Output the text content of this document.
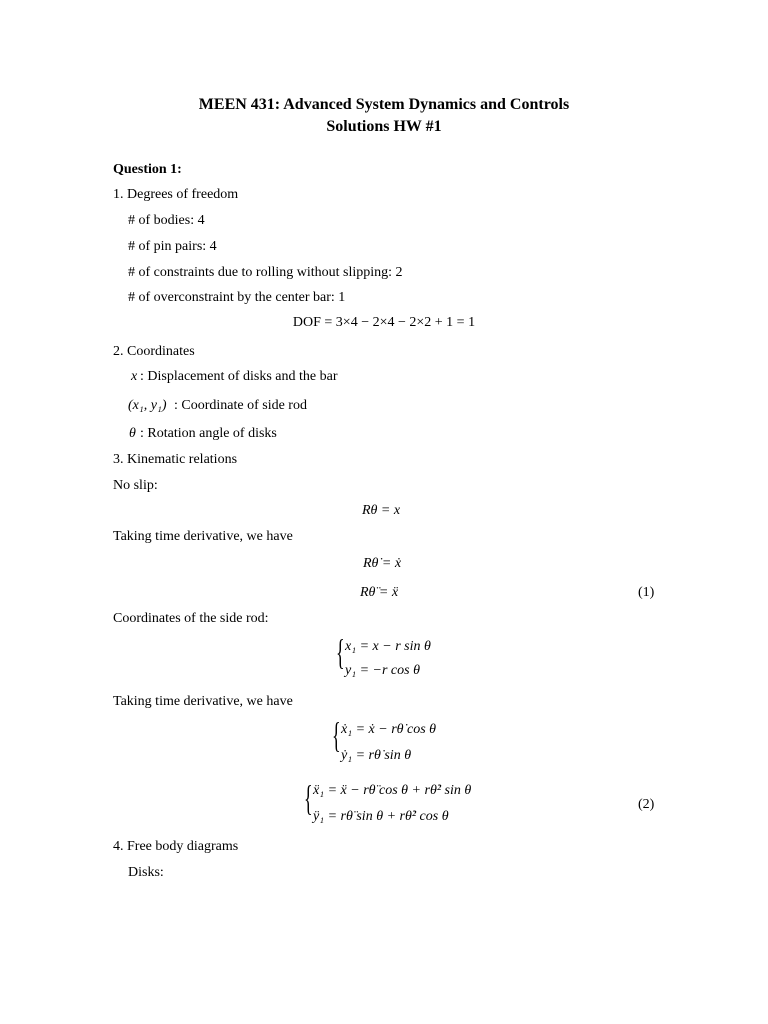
MEEN 431: Advanced System Dynamics and Controls
Solutions HW #1
Question 1:
1. Degrees of freedom
# of bodies: 4
# of pin pairs: 4
# of constraints due to rolling without slipping: 2
# of overconstraint by the center bar: 1
DOF = 3×4 − 2×4 − 2×2 + 1 = 1
2. Coordinates
x : Displacement of disks and the bar
(x₁, y₁) : Coordinate of side rod
θ : Rotation angle of disks
3. Kinematic relations
No slip:
Rθ = x
Taking time derivative, we have
Rθ̇ = ẋ
Rθ̈ = ẍ	(1)
Coordinates of the side rod:
{ x₁ = x − r sin θ
y₁ = −r cos θ
Taking time derivative, we have
{ ẋ₁ = ẋ − rθ̇ cos θ
ẏ₁ = rθ̇ sin θ
{ ẍ₁ = ẍ − rθ̈ cos θ + rθ̇² sin θ
ÿ₁ = rθ̈ sin θ + rθ̇² cos θ
(2)
4. Free body diagrams
Disks:
